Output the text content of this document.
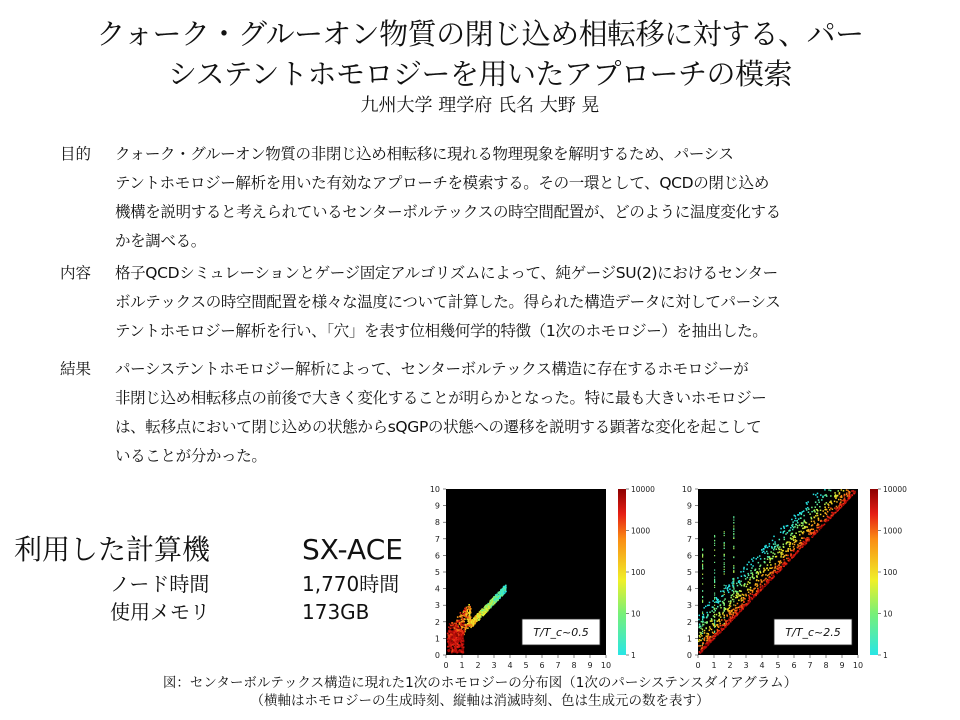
クォーク・グルーオン物質の閉じ込め相転移に対する、パー
システントホモロジーを用いたアプローチの模索
九州大学 理学府 氏名 大野 晃
目的	クォーク・グルーオン物質の非閉じ込め相転移に現れる物理現象を解明するため、パーシス
テントホモロジー解析を用いた有効なアプローチを模索する。その一環として、QCDの閉じ込め
機構を説明すると考えられているセンターボルテックスの時空間配置が、どのように温度変化する
かを調べる。
内容	格子QCDシミュレーションとゲージ固定アルゴリズムによって、純ゲージSU(2)におけるセンター
ボルテックスの時空間配置を様々な温度について計算した。得られた構造データに対してパーシス
テントホモロジー解析を行い、「穴」を表す位相幾何学的特徴（1次のホモロジー）を抽出した。
結果	パーシステントホモロジー解析によって、センターボルテックス構造に存在するホモロジーが
非閉じ込め相転移点の前後で大きく変化することが明らかとなった。特に最も大きいホモロジー
は、転移点において閉じ込めの状態からsQGPの状態への遷移を説明する顕著な変化を起こして
いることが分かった。
利用した計算機	SX-ACE
ノード時間	1,770時間
使用メモリ	173GB
0
1
2
3
4
5
6
7
8
9
10
0 1 2 3 4 5 6 7 8 9 10
10000
1000
100
10
1
T/T_c~0.5
0
1
2
3
4
5
6
7
8
9
10
0 1 2 3 4 5 6 7 8 9 10
10000
1000
100
10
1
T/T_c~2.5
図：センターボルテックス構造に現れた1次のホモロジーの分布図（1次のパーシステンスダイアグラム）
（横軸はホモロジーの生成時刻、縦軸は消滅時刻、色は生成元の数を表す）
